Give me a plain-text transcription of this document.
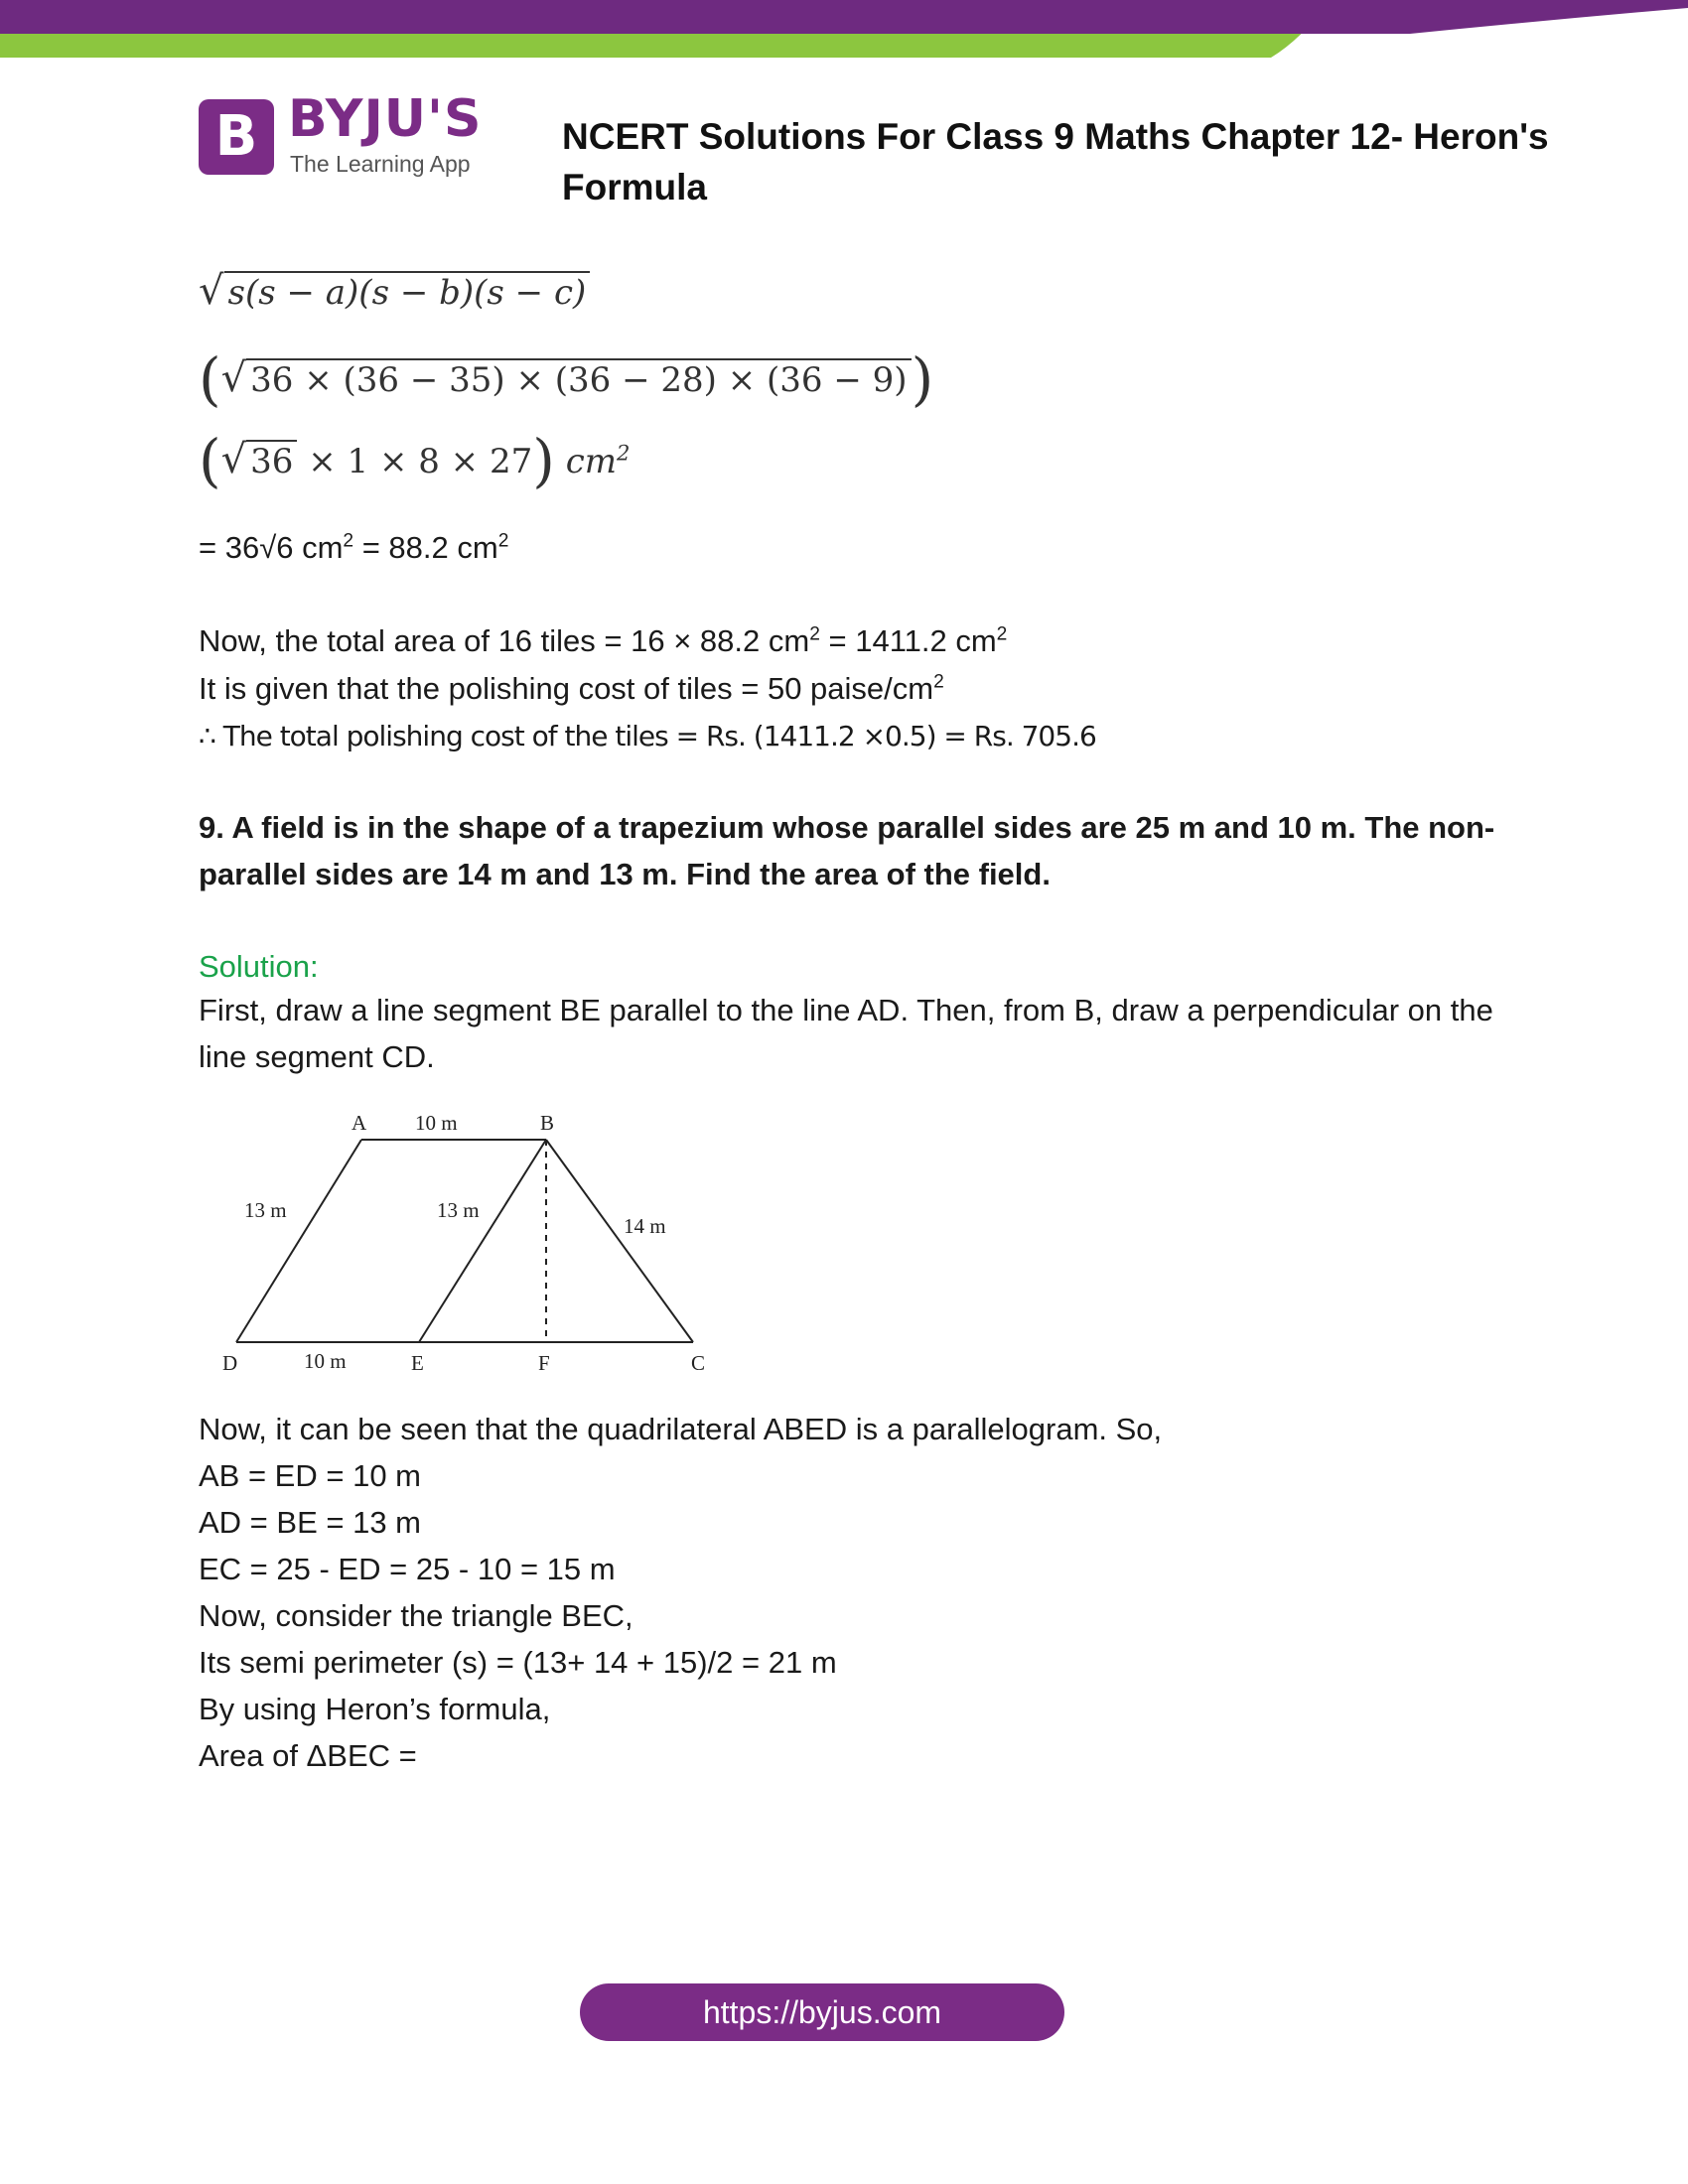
B BYJU'S
The Learning App
NCERT Solutions For Class 9 Maths Chapter 12- Heron's Formula
√ s(s − a)(s − b)(s − c)
(√ 36 × (36 − 35) × (36 − 28) × (36 − 9))
(√ 36 × 1 × 8 × 27) $cm^2$
= 36√6 $cm^2 = 88.2$ $cm^2$
Now, the total area of 16 tiles = 16 × 88.2 $cm^2 = 1411.2$ $cm^2$
It is given that the polishing cost of tiles = 50 paise/$cm^2$
∴ The total polishing cost of the tiles = Rs. (1411.2 ×0.5) = Rs. 705.6
9. A field is in the shape of a trapezium whose parallel sides are 25 m and 10 m. The non-parallel sides are 14 m and 13 m. Find the area of the field.
Solution:
First, draw a line segment BE parallel to the line AD. Then, from B, draw a perpendicular on the line segment CD.
Now, it can be seen that the quadrilateral ABED is a parallelogram. So,
AB = ED = 10 m
AD = BE = 13 m
EC = 25 - ED = 25 - 10 = 15 m
Now, consider the triangle BEC,
Its semi perimeter (s) = (13+ 14 + 15)/2 = 21 m
By using Heron’s formula,
Area of ΔBEC =
A	B
D	E	F	C
10 m
13 m	13 m
14 m
10 m
https://byjus.com
